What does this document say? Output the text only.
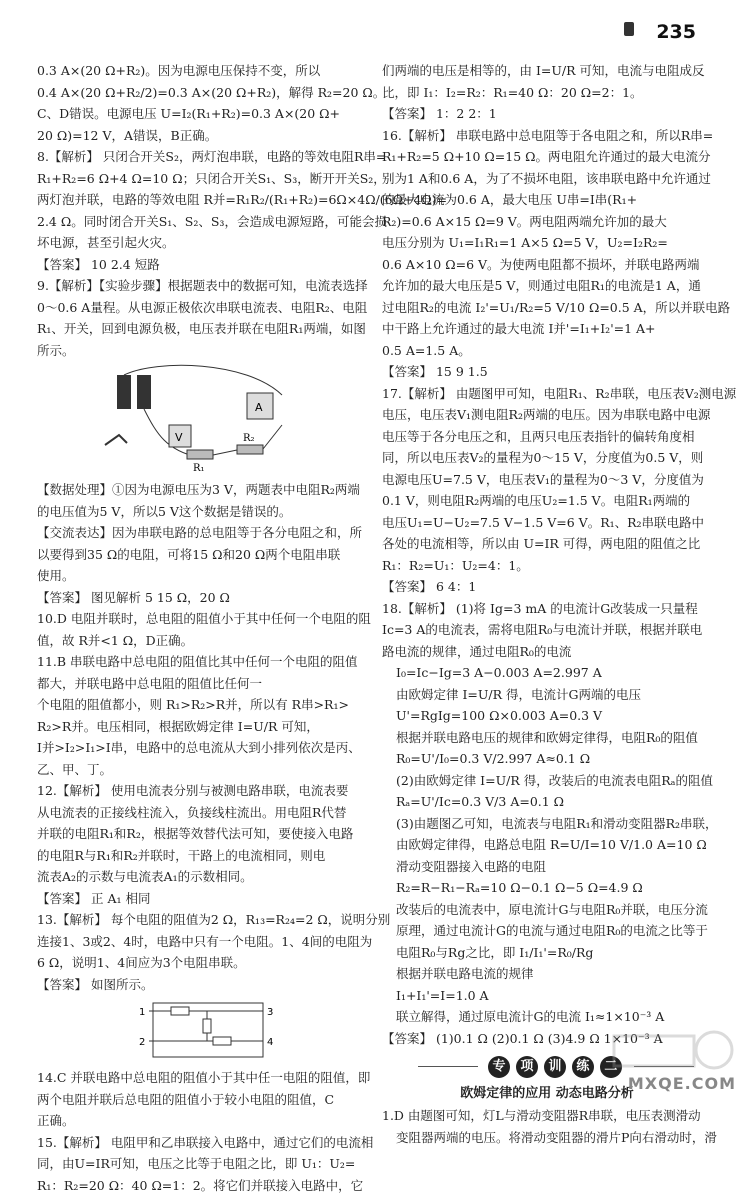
235
0.3 A×(20 Ω+R₂)。因为电源电压保持不变，所以
0.4 A×(20 Ω+R₂/2)=0.3 A×(20 Ω+R₂)，解得 R₂=20 Ω。
C、D错误。电源电压 U=I₂(R₁+R₂)=0.3 A×(20 Ω+
20 Ω)=12 V，A错误，B正确。
8.【解析】 只闭合开关S₂，两灯泡串联，电路的等效电阻R串=
R₁+R₂=6 Ω+4 Ω=10 Ω；只闭合开关S₁、S₃，断开开关S₂，
两灯泡并联，电路的等效电阻 R并=R₁R₂/(R₁+R₂)=6Ω×4Ω/(6Ω+4Ω)=
2.4 Ω。同时闭合开关S₁、S₂、S₃，会造成电源短路，可能会损
坏电源，甚至引起火灾。
【答案】 10 2.4 短路
9.【解析】【实验步骤】根据题表中的数据可知，电流表选择
0～0.6 A量程。从电源正极依次串联电流表、电阻R₂、电阻
R₁、开关，回到电源负极，电压表并联在电阻R₁两端，如图
所示。
V
A
R₁
R₂
【数据处理】①因为电源电压为3 V，两题表中电阻R₂两端
的电压值为5 V，所以5 V这个数据是错误的。
【交流表达】因为串联电路的总电阻等于各分电阻之和，所
以要得到35 Ω的电阻，可将15 Ω和20 Ω两个电阻串联
使用。
【答案】 图见解析 5 15 Ω，20 Ω
10.D 电阻并联时，总电阻的阻值小于其中任何一个电阻的阻
值，故 R并<1 Ω，D正确。
11.B 串联电路中总电阻的阻值比其中任何一个电阻的阻值
都大，并联电路中总电阻的阻值比任何一
个电阻的阻值都小，则 R₁>R₂>R并，所以有 R串>R₁>
R₂>R并。电压相同，根据欧姆定律 I=U/R 可知，
I并>I₂>I₁>I串，电路中的总电流从大到小排列依次是丙、
乙、甲、丁。
12.【解析】 使用电流表分别与被测电路串联，电流表要
从电流表的正接线柱流入，负接线柱流出。用电阻R代替
并联的电阻R₁和R₂，根据等效替代法可知，要使接入电路
的电阻R与R₁和R₂并联时，干路上的电流相同，则电
流表A₂的示数与电流表A₁的示数相同。
【答案】 正 A₁ 相同
13.【解析】 每个电阻的阻值为2 Ω，R₁₃=R₂₄=2 Ω，说明分别
连接1、3或2、4时，电路中只有一个电阻。1、4间的电阻为
6 Ω，说明1、4间应为3个电阻串联。
【答案】 如图所示。
1
2
3
4
14.C 并联电路中总电阻的阻值小于其中任一电阻的阻值，即
两个电阻并联后总电阻的阻值小于较小电阻的阻值，C
正确。
15.【解析】 电阻甲和乙串联接入电路中，通过它们的电流相
同，由U=IR可知，电压之比等于电阻之比，即 U₁：U₂=
R₁：R₂=20 Ω：40 Ω=1：2。将它们并联接入电路中，它
们两端的电压是相等的，由 I=U/R 可知，电流与电阻成反
比，即 I₁：I₂=R₂：R₁=40 Ω：20 Ω=2：1。
【答案】 1：2 2：1
16.【解析】 串联电路中总电阻等于各电阻之和，所以R串=
R₁+R₂=5 Ω+10 Ω=15 Ω。两电阻允许通过的最大电流分
别为1 A和0.6 A，为了不损坏电阻，该串联电路中允许通过
的最大电流为0.6 A，最大电压 U串=I串(R₁+
R₂)=0.6 A×15 Ω=9 V。两电阻两端允许加的最大
电压分别为 U₁=I₁R₁=1 A×5 Ω=5 V，U₂=I₂R₂=
0.6 A×10 Ω=6 V。为使两电阻都不损坏，并联电路两端
允许加的最大电压是5 V，则通过电阻R₁的电流是1 A，通
过电阻R₂的电流 I₂'=U₁/R₂=5 V/10 Ω=0.5 A，所以并联电路
中干路上允许通过的最大电流 I并'=I₁+I₂'=1 A+
0.5 A=1.5 A。
【答案】 15 9 1.5
17.【解析】 由题图甲可知，电阻R₁、R₂串联，电压表V₂测电源
电压，电压表V₁测电阻R₂两端的电压。因为串联电路中电源
电压等于各分电压之和，且两只电压表指针的偏转角度相
同，所以电压表V₂的量程为0～15 V，分度值为0.5 V，则
电源电压U=7.5 V，电压表V₁的量程为0～3 V，分度值为
0.1 V，则电阻R₂两端的电压U₂=1.5 V。电阻R₁两端的
电压U₁=U−U₂=7.5 V−1.5 V=6 V。R₁、R₂串联电路中
各处的电流相等，所以由 U=IR 可得，两电阻的阻值之比
R₁：R₂=U₁：U₂=4：1。
【答案】 6 4：1
18.【解析】 (1)将 Ig=3 mA 的电流计G改装成一只量程
Ic=3 A的电流表，需将电阻R₀与电流计并联，根据并联电
路电流的规律，通过电阻R₀的电流
I₀=Ic−Ig=3 A−0.003 A=2.997 A
由欧姆定律 I=U/R 得，电流计G两端的电压
U'=RgIg=100 Ω×0.003 A=0.3 V
根据并联电路电压的规律和欧姆定律得，电阻R₀的阻值
R₀=U'/I₀=0.3 V/2.997 A≈0.1 Ω
(2)由欧姆定律 I=U/R 得，改装后的电流表电阻Rₐ的阻值
Rₐ=U'/Ic=0.3 V/3 A=0.1 Ω
(3)由题图乙可知，电流表与电阻R₁和滑动变阻器R₂串联，
由欧姆定律得，电路总电阻 R=U/I=10 V/1.0 A=10 Ω
滑动变阻器接入电路的电阻
R₂=R−R₁−Rₐ=10 Ω−0.1 Ω−5 Ω=4.9 Ω
改装后的电流表中，原电流计G与电阻R₀并联，电压分流
原理，通过电流计G的电流与通过电阻R₀的电流之比等于
电阻R₀与Rg之比，即 I₁/I₁'=R₀/Rg
根据并联电路电流的规律
I₁+I₁'=I=1.0 A
联立解得，通过原电流计G的电流 I₁≈1×10⁻³ A
【答案】 (1)0.1 Ω (2)0.1 Ω (3)4.9 Ω 1×10⁻³ A
专 项 训 练 二
欧姆定律的应用 动态电路分析
1.D 由题图可知，灯L与滑动变阻器R串联，电压表测滑动
变阻器两端的电压。将滑动变阻器的滑片P向右滑动时，滑
MXQE.COM
